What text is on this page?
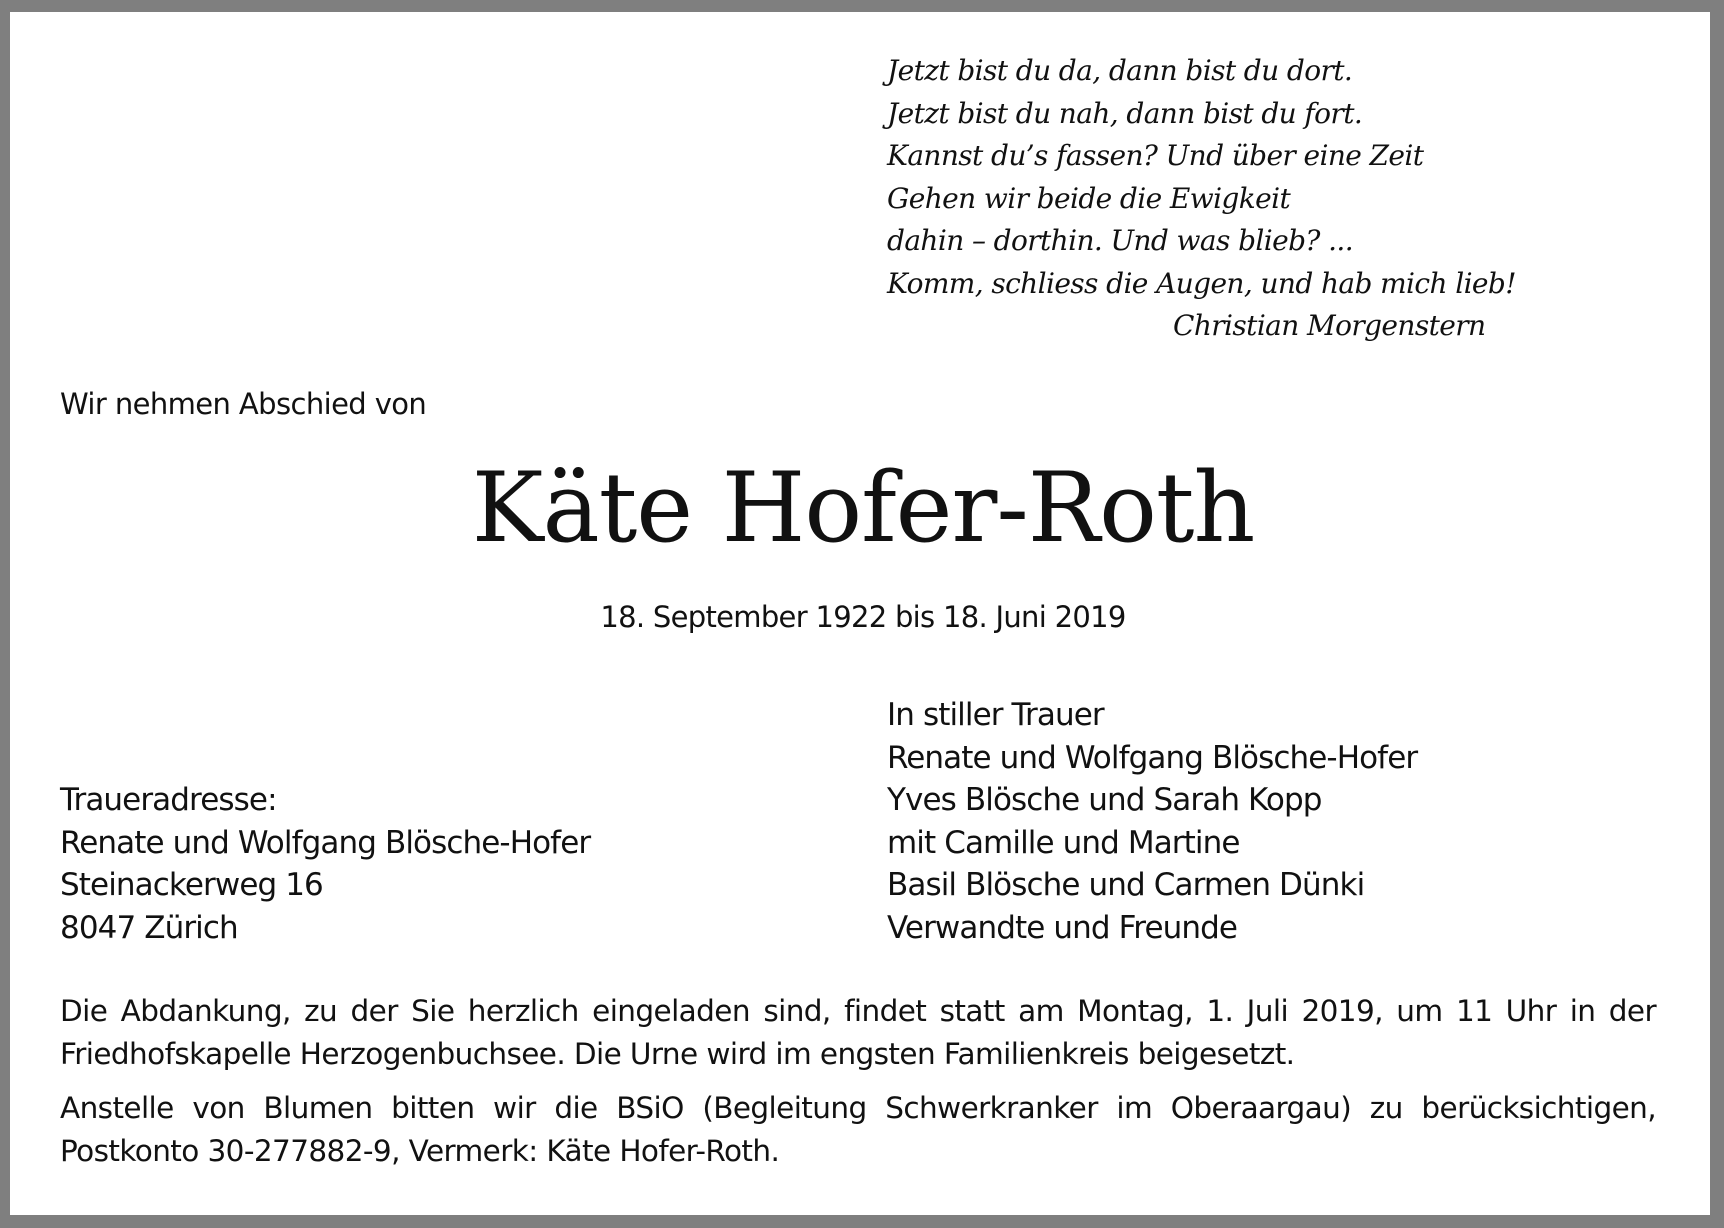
Jetzt bist du da, dann bist du dort.
Jetzt bist du nah, dann bist du fort.
Kannst du’s fassen? Und über eine Zeit
Gehen wir beide die Ewigkeit
dahin – dorthin. Und was blieb? ...
Komm, schliess die Augen, und hab mich lieb!
Christian Morgenstern
Wir nehmen Abschied von
Käte Hofer-Roth
18. September 1922 bis 18. Juni 2019
In stiller Trauer
Renate und Wolfgang Blösche-Hofer
Yves Blösche und Sarah Kopp
mit Camille und Martine
Basil Blösche und Carmen Dünki
Verwandte und Freunde
Traueradresse:
Renate und Wolfgang Blösche-Hofer
Steinackerweg 16
8047 Zürich
Die Abdankung, zu der Sie herzlich eingeladen sind, findet statt am Montag, 1. Juli 2019, um 11 Uhr in der Friedhofskapelle Herzogenbuchsee. Die Urne wird im engsten Familienkreis beigesetzt.
Anstelle von Blumen bitten wir die BSiO (Begleitung Schwerkranker im Oberaargau) zu berücksichtigen, Postkonto 30-277882-9, Vermerk: Käte Hofer-Roth.
